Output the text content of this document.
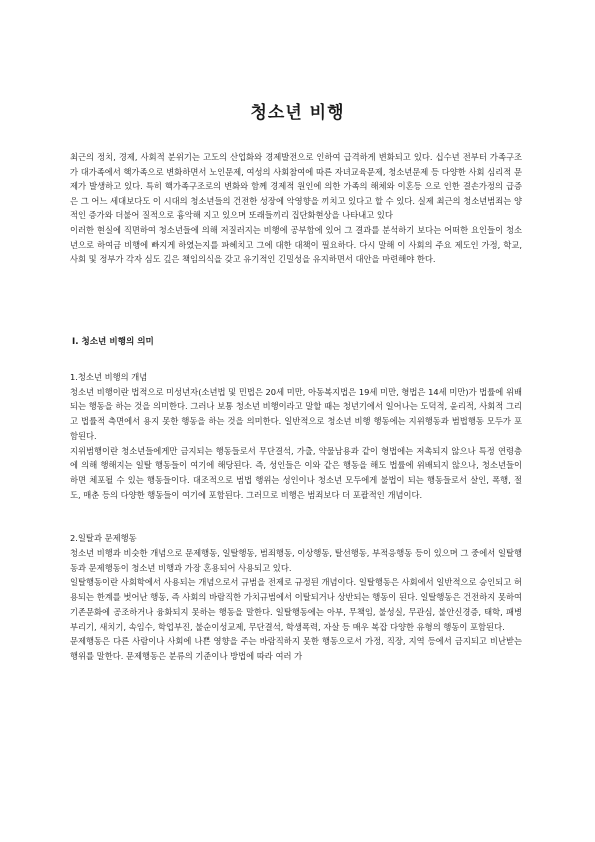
청소년 비행

최근의 정치, 경제, 사회적 분위기는 고도의 산업화와 경제발전으로 인하여 급격하게 변화되고 있다. 십수년 전부터 가족구조가 대가족에서 핵가족으로 변화하면서 노인문제, 여성의 사회참여에 따른 자녀교육문제, 청소년문제 등 다양한 사회 심리적 문제가 발생하고 있다. 특히 핵가족구조로의 변화와 함께 경제적 원인에 의한 가족의 해체와 이혼등 으로 인한 결손가정의 급증은 그 어느 세대보다도 이 시대의 청소년들의 건전한 성장에 악영향을 끼치고 있다고 할 수 있다. 실제 최근의 청소년범죄는 양적인 증가와 더불어 질적으로 흉악해 지고 있으며 또래들끼리 집단화현상을 나타내고 있다

이러한 현실에 직면하여 청소년들에 의해 저질러지는 비행에 공부함에 있어 그 결과를 분석하기 보다는 어떠한 요인들이 청소년으로 하여금 비행에 빠지게 하였는지를 파헤치고 그에 대한 대책이 필요하다. 다시 말해 이 사회의 주요 제도인 가정, 학교, 사회 및 정부가 각자 심도 깊은 책임의식을 갖고 유기적인 긴밀성을 유지하면서 대안을 마련해야 한다.

Ⅰ. 청소년 비행의 의미

1.청소년 비행의 개념

청소년 비행이란 법적으로 미성년자(소년법 및 민법은 20세 미만, 아동복지법은 19세 미만, 형법은 14세 미만)가 법률에 위배되는 행동을 하는 것을 의미한다. 그러나 보통 청소년 비행이라고 말할 때는 청년기에서 일어나는 도덕적, 윤리적, 사회적 그리고 법률적 측면에서 용지 못한 행동을 하는 것을 의미한다. 일반적으로 청소년 비행 행동에는 지위행동과 범법행동 모두가 포함된다.

지위범행이란 청소년들에게만 금지되는 행동들로서 무단결석, 가출, 약물남용과 같이 형법에는 저촉되지 않으나 특정 연령층에 의해 행해지는 일탈 행동들이 여기에 해당된다. 즉, 성인들은 이와 같은 행동을 해도 법률에 위배되지 않으나, 청소년들이 하면 체포될 수 있는 행동들이다. 대조적으로 범법 행위는 성인이나 청소년 모두에게 불법이 되는 행동들로서 살인, 폭행, 절도, 매춘 등의 다양한 행동들이 여기에 포함된다. 그러므로 비행은 범죄보다 더 포괄적인 개념이다.

2.일탈과 문제행동

청소년 비행과 비슷한 개념으로 문제행동, 일탈행동, 범죄행동, 이상행동, 탈선행동, 부적응행동 등이 있으며 그 중에서 일탈행동과 문제행동이 청소년 비행과 가장 혼용되어 사용되고 있다.

일탈행동이란 사회학에서 사용되는 개념으로서 규범을 전제로 규정된 개념이다. 일탈행동은 사회에서 일반적으로 승인되고 허용되는 한계를 벗어난 행동, 즉 사회의 바람직한 가치규범에서 이탈되거나 상반되는 행동이 된다. 일탈행동은 건전하지 못하여 기존문화에 공조하거나 융화되지 못하는 행동을 말한다. 일탈행동에는 아부, 무책임, 불성실, 무관심, 불안신경증, 태학, 패병부리기, 새치기, 속임수, 학업부진, 불순이성교제, 무단결석, 학생폭력, 자살 등 매우 복잡 다양한 유형의 행동이 포함된다.

문제행동은 다른 사람이나 사회에 나쁜 영향을 주는 바람직하지 못한 행동으로서 가정, 직장, 지역 등에서 금지되고 비난받는 행위를 말한다. 문제행동은 분류의 기준이나 방법에 따라 여러 가
